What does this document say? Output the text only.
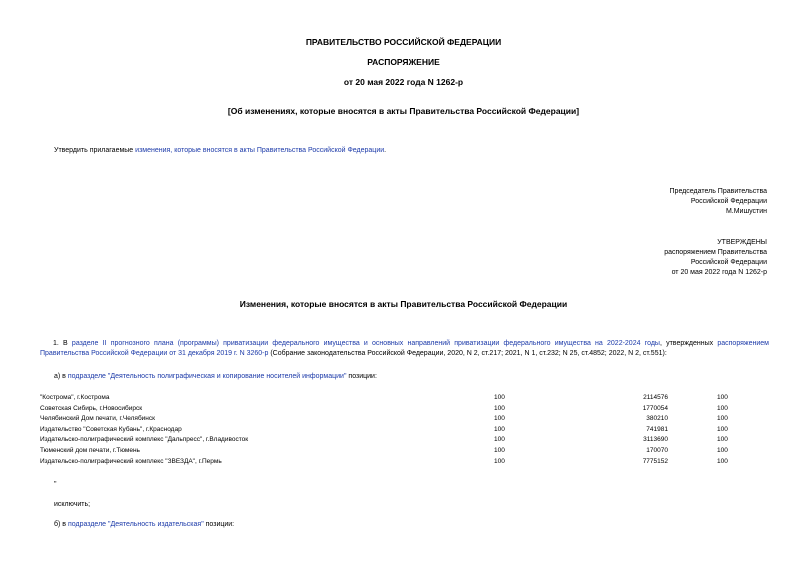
ПРАВИТЕЛЬСТВО РОССИЙСКОЙ ФЕДЕРАЦИИ
РАСПОРЯЖЕНИЕ
от 20 мая 2022 года N 1262-р
[Об изменениях, которые вносятся в акты Правительства Российской Федерации]
Утвердить прилагаемые изменения, которые вносятся в акты Правительства Российской Федерации.
Председатель Правительства
Российской Федерации
М.Мишустин
УТВЕРЖДЕНЫ
распоряжением Правительства
Российской Федерации
от 20 мая 2022 года N 1262-р
Изменения, которые вносятся в акты Правительства Российской Федерации
1. В разделе II прогнозного плана (программы) приватизации федерального имущества и основных направлений приватизации федерального имущества на 2022-2024 годы, утвержденных распоряжением Правительства Российской Федерации от 31 декабря 2019 г. N 3260-р (Собрание законодательства Российской Федерации, 2020, N 2, ст.217; 2021, N 1, ст.232; N 25, ст.4852; 2022, N 2, ст.551):
а) в подразделе "Деятельность полиграфическая и копирование носителей информации" позиции:
"Кострома", г.Кострома	100	2114576	100
Советская Сибирь, г.Новосибирск	100	1770054	100
Челябинский Дом печати, г.Челябинск	100	380210	100
Издательство "Советская Кубань", г.Краснодар	100	741981	100
Издательско-полиграфический комплекс "Дальпресс", г.Владивосток	100	3113690	100
Тюменский дом печати, г.Тюмень	100	170070	100
Издательско-полиграфический комплекс "ЗВЕЗДА", г.Пермь	100	7775152	100
"
исключить;
б) в подразделе "Деятельность издательская" позиции:
